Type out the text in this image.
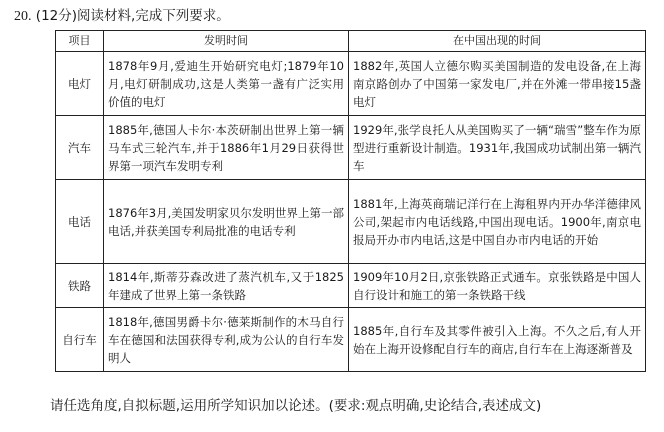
20. (12分)阅读材料,完成下列要求。
项目	发明时间	在中国出现的时间
电灯	1878年9月,爱迪生开始研究电灯;1879年10月,电灯研制成功,这是人类第一盏有广泛实用价值的电灯	1882年,英国人立德尔购买美国制造的发电设备,在上海南京路创办了中国第一家发电厂,并在外滩一带串接15盏电灯
汽车	1885年,德国人卡尔·本茨研制出世界上第一辆马车式三轮汽车,并于1886年1月29日获得世界第一项汽车发明专利	1929年,张学良托人从美国购买了一辆“瑞雪”整车作为原型进行重新设计制造。1931年,我国成功试制出第一辆汽车
电话	1876年3月,美国发明家贝尔发明世界上第一部电话,并获美国专利局批准的电话专利	1881年,上海英商瑞记洋行在上海租界内开办华洋德律风公司,架起市内电话线路,中国出现电话。1900年,南京电报局开办市内电话,这是中国自办市内电话的开始
铁路	1814年,斯蒂芬森改进了蒸汽机车,又于1825年建成了世界上第一条铁路	1909年10月2日,京张铁路正式通车。京张铁路是中国人自行设计和施工的第一条铁路干线
自行车	1818年,德国男爵卡尔·德莱斯制作的木马自行车在德国和法国获得专利,成为公认的自行车发明人	1885年,自行车及其零件被引入上海。不久之后,有人开始在上海开设修配自行车的商店,自行车在上海逐渐普及
请任选角度,自拟标题,运用所学知识加以论述。(要求:观点明确,史论结合,表述成文)
